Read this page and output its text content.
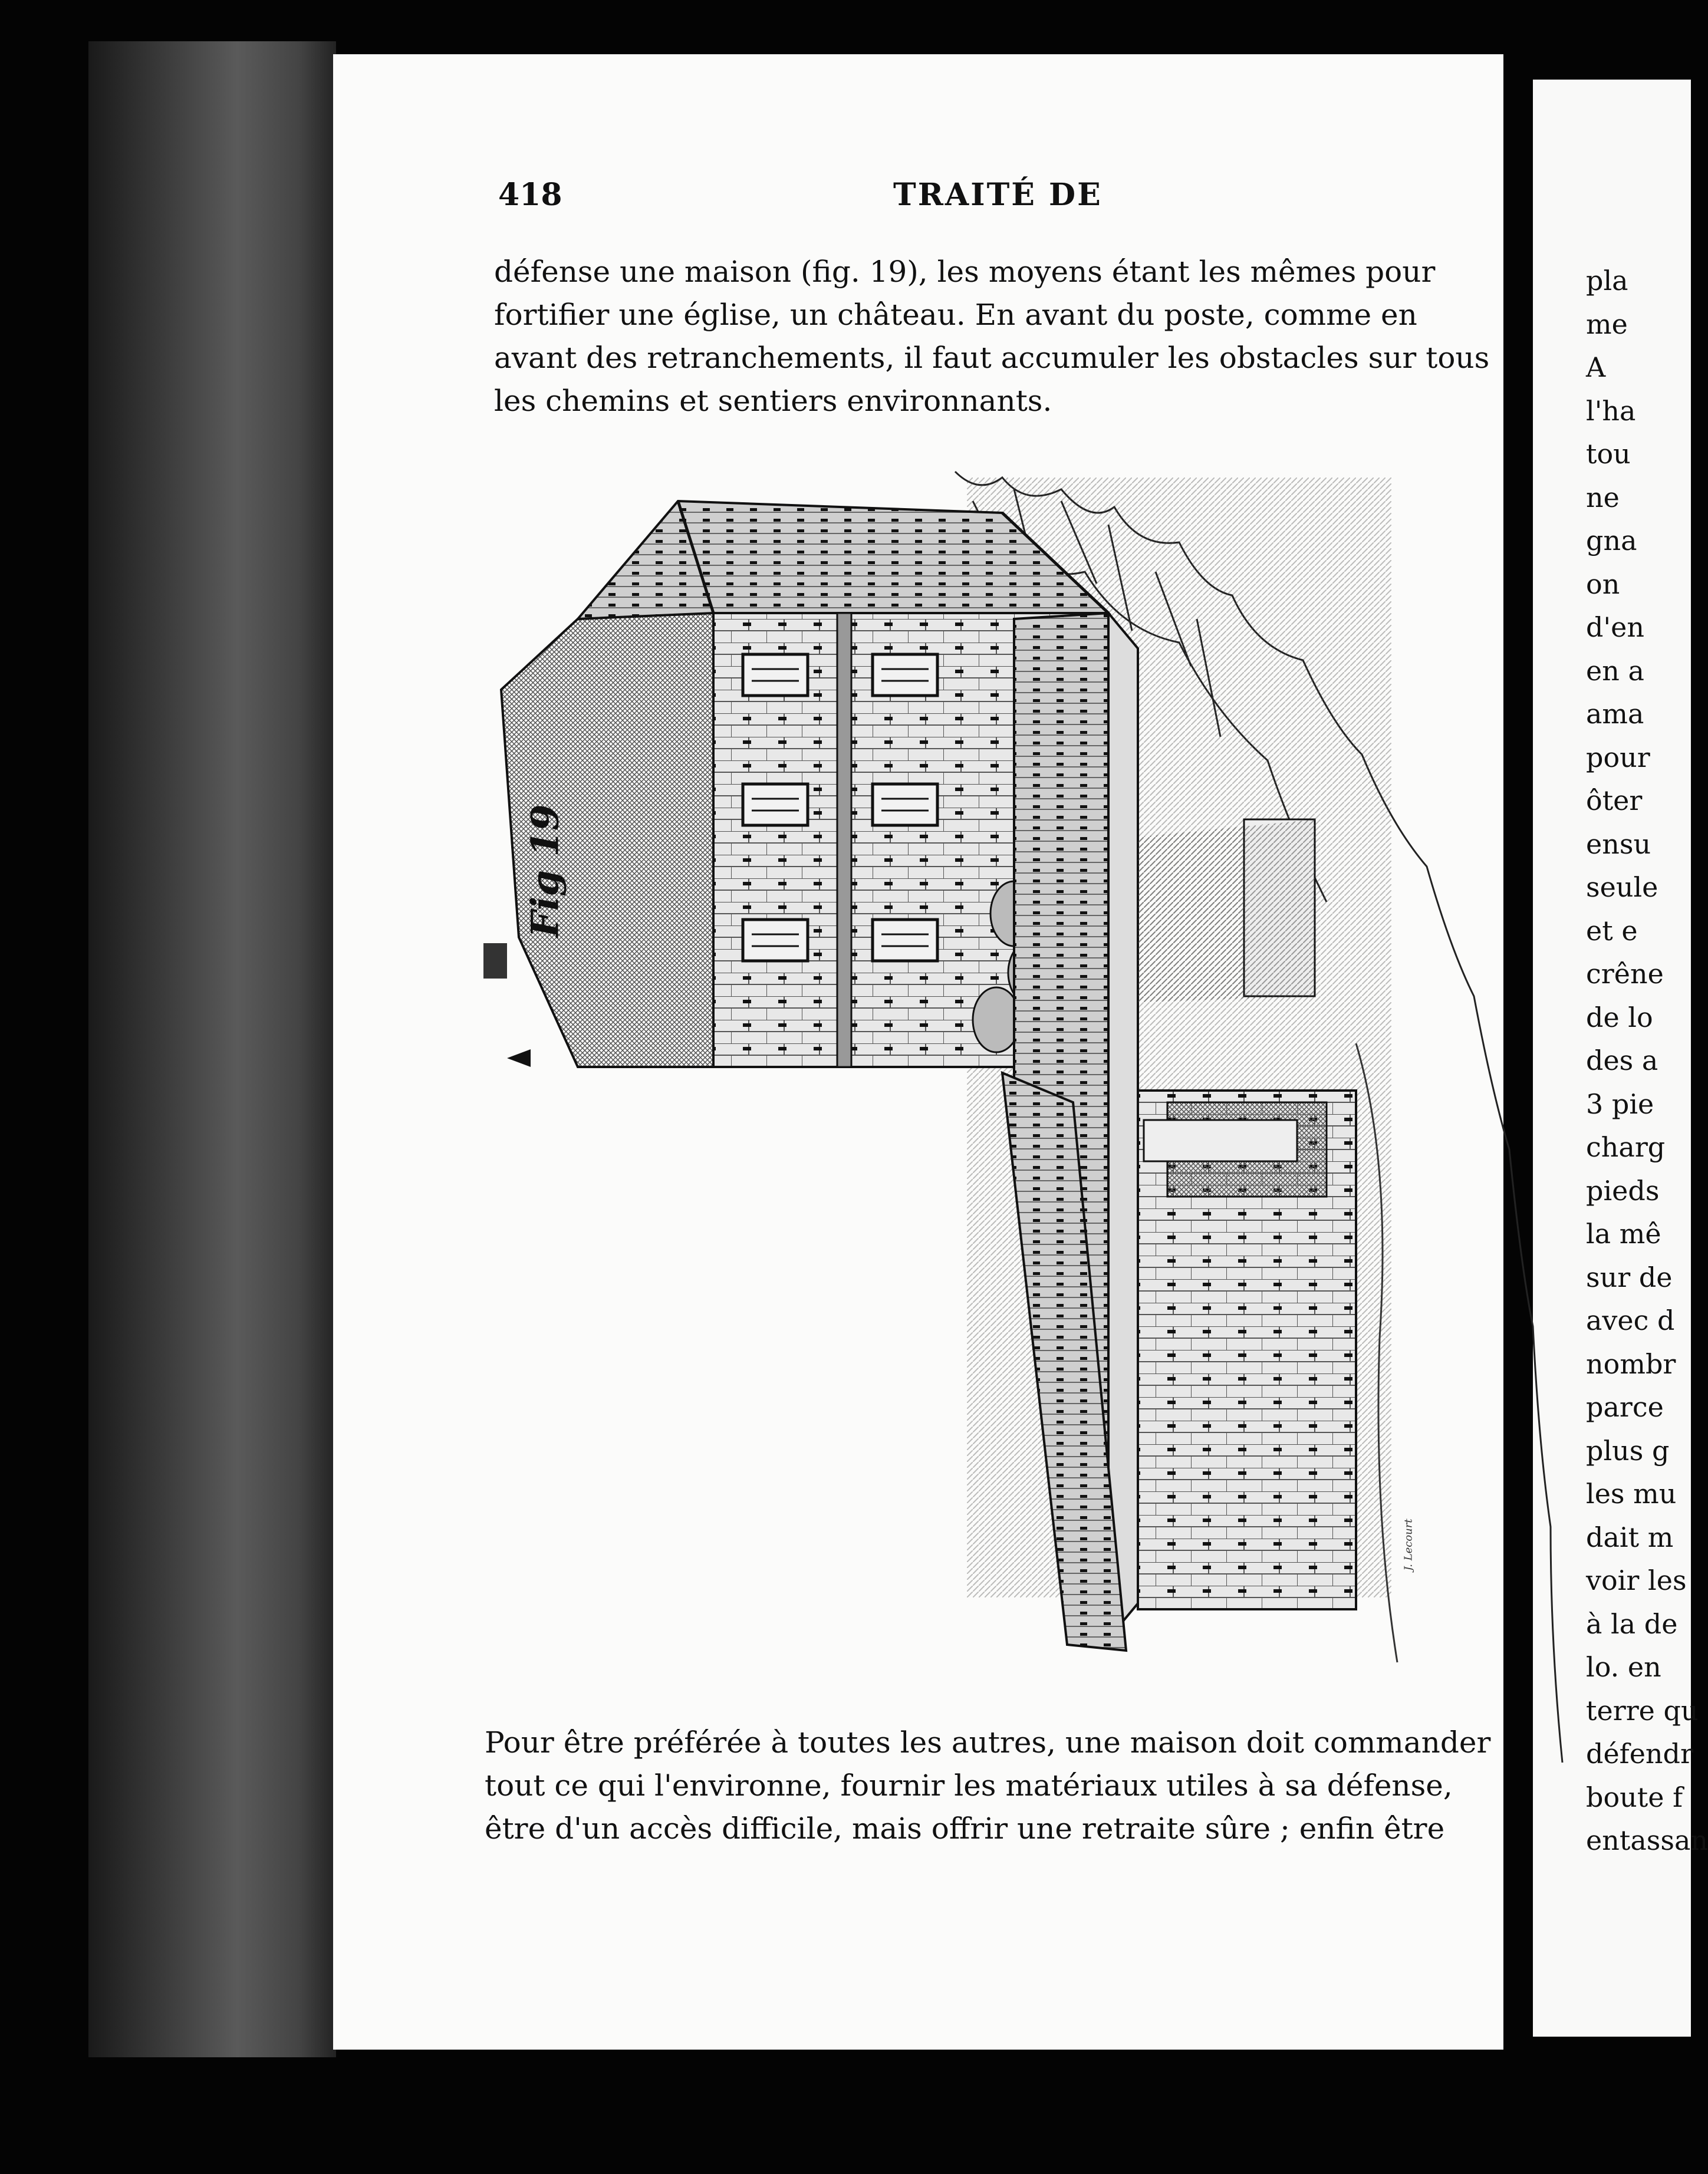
418	TRAITÉ DE
défense une maison (fig. 19), les moyens étant les mêmes pour
fortifier une église, un château. En avant du poste, comme en
avant des retranchements, il faut accumuler les obstacles sur tous
les chemins et sentiers environnants.
Fig 19
J. Lecourt
Pour être préférée à toutes les autres, une maison doit commander
tout ce qui l'environne, fournir les matériaux utiles à sa défense,
être d'un accès difficile, mais offrir une retraite sûre ; enfin être
pla
me
A
l'ha
tou
ne
gna
on
d'en
en a
ama
pour
ôter
ensu
seule
et e
crêne
de lo
des a
3 pie
charg
pieds
la mê
sur de
avec d
nombr
parce
plus g
les mu
dait m
voir les
à la de
lo. en
terre qu
défendr
boute f
entassan
